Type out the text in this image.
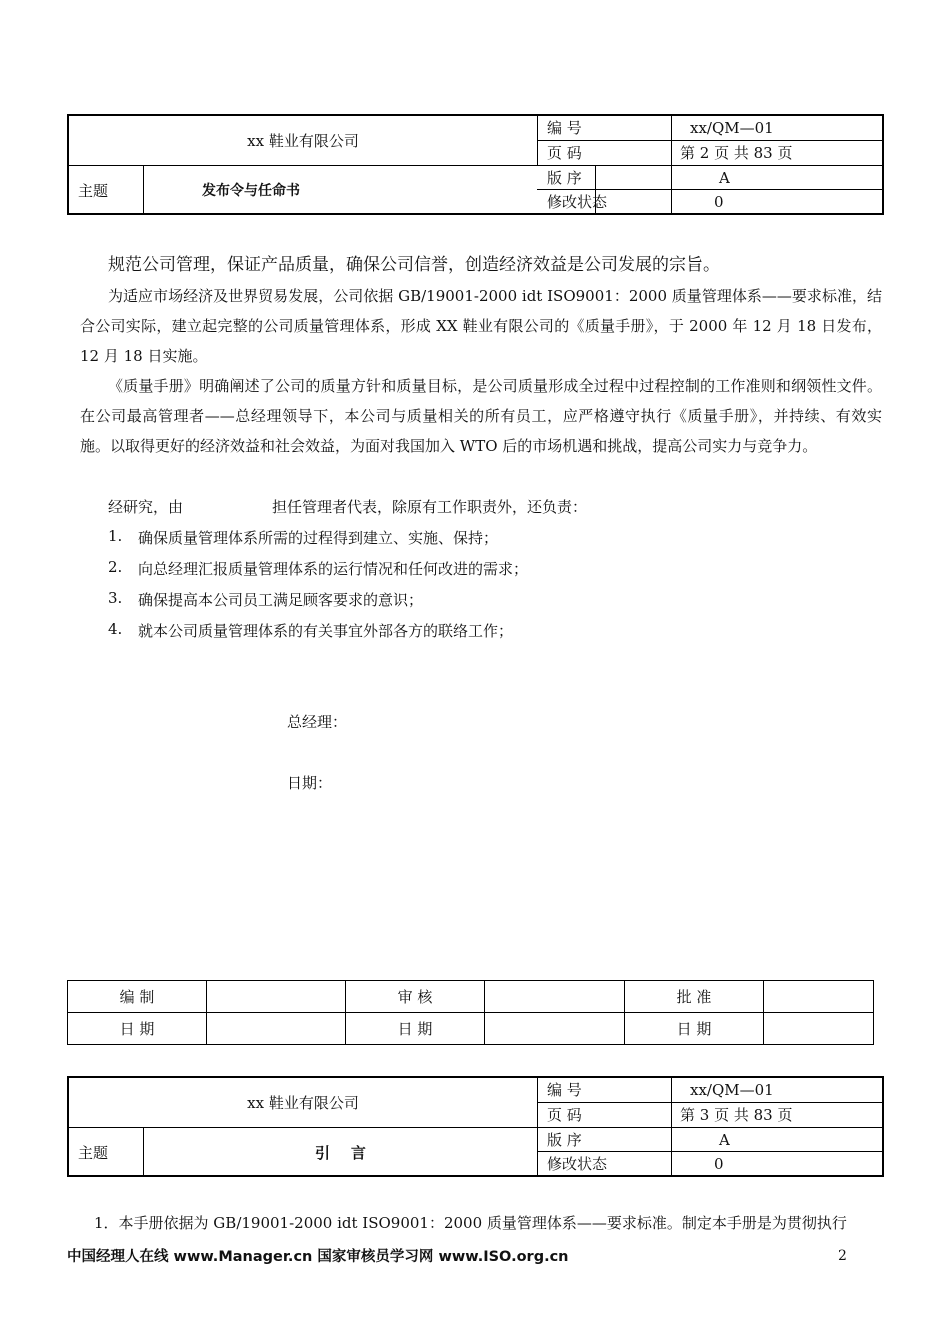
xx 鞋业有限公司
主题	发布令与任命书
编 号	xx/QM—01
页 码	第 2 页 共 83 页
版 序	A
修改状态	0
规范公司管理，保证产品质量，确保公司信誉，创造经济效益是公司发展的宗旨。
为适应市场经济及世界贸易发展，公司依据 GB/19001-2000 idt ISO9001：2000 质量管理体系——要求标准，结合公司实际，建立起完整的公司质量管理体系，形成 XX 鞋业有限公司的《质量手册》，于 2000 年 12 月 18 日发布，12 月 18 日实施。
《质量手册》明确阐述了公司的质量方针和质量目标，是公司质量形成全过程中过程控制的工作准则和纲领性文件。在公司最高管理者——总经理领导下，本公司与质量相关的所有员工，应严格遵守执行《质量手册》，并持续、有效实施。以取得更好的经济效益和社会效益，为面对我国加入 WTO 后的市场机遇和挑战，提高公司实力与竞争力。
经研究，由	担任管理者代表，除原有工作职责外，还负责：
1. 确保质量管理体系所需的过程得到建立、实施、保持；
2. 向总经理汇报质量管理体系的运行情况和任何改进的需求；
3. 确保提高本公司员工满足顾客要求的意识；
4. 就本公司质量管理体系的有关事宜外部各方的联络工作；
总经理：
日期：
编 制		审 核		批 准	
日 期		日 期		日 期	
xx 鞋业有限公司
主题	引    言
编 号	xx/QM—01
页 码	第 3 页 共 83 页
版 序	A
修改状态	0
1．本手册依据为 GB/19001-2000 idt ISO9001：2000 质量管理体系——要求标准。制定本手册是为贯彻执行
中国经理人在线 www.Manager.cn 国家审核员学习网 www.ISO.org.cn	2
